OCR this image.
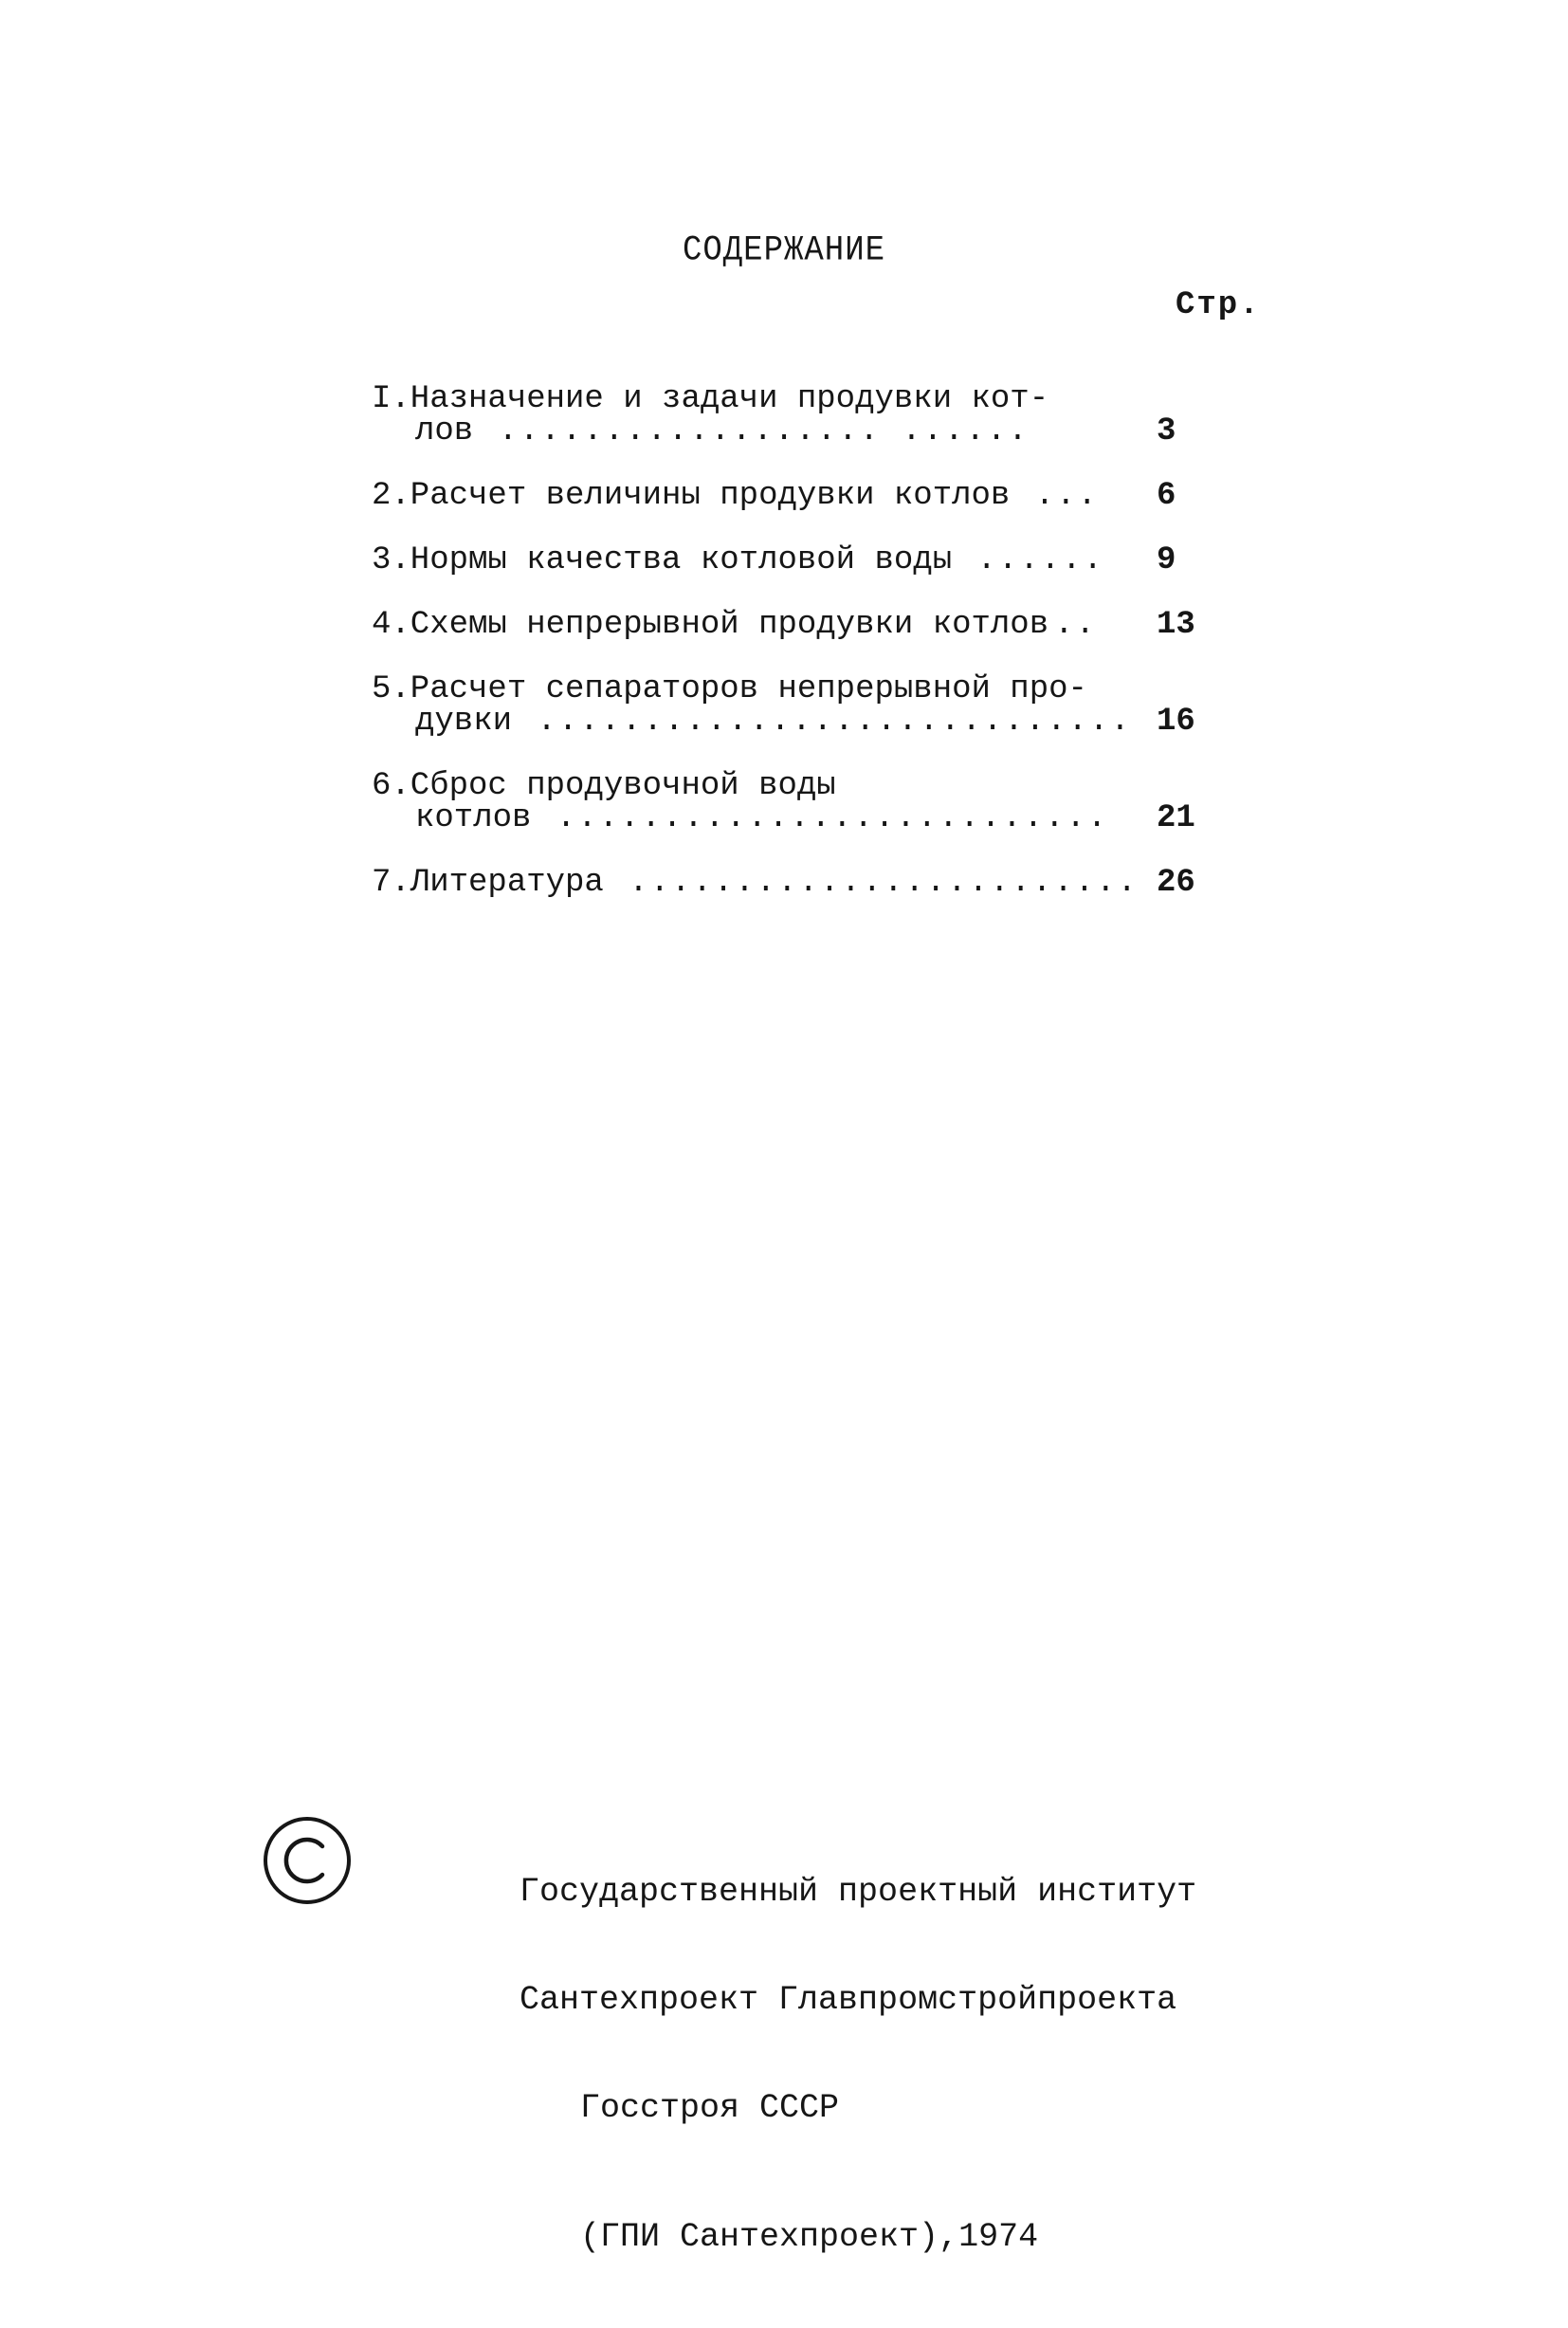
СОДЕРЖАНИЕ
Стр.
I.Назначение и задачи продувки кот-
лов .................. ......	3
2.Расчет величины продувки котлов ...	6
3.Нормы качества котловой воды ......	9
4.Схемы непрерывной продувки котлов ..	13
5.Расчет сепараторов непрерывной про-
дувки ............................ 16
6.Сброс продувочной воды
котлов ..........................	21
7.Литература ........................ 26

Государственный проектный институт

Сантехпроект Главпромстройпроекта

Госстроя СССР

(ГПИ Сантехпроект),1974
